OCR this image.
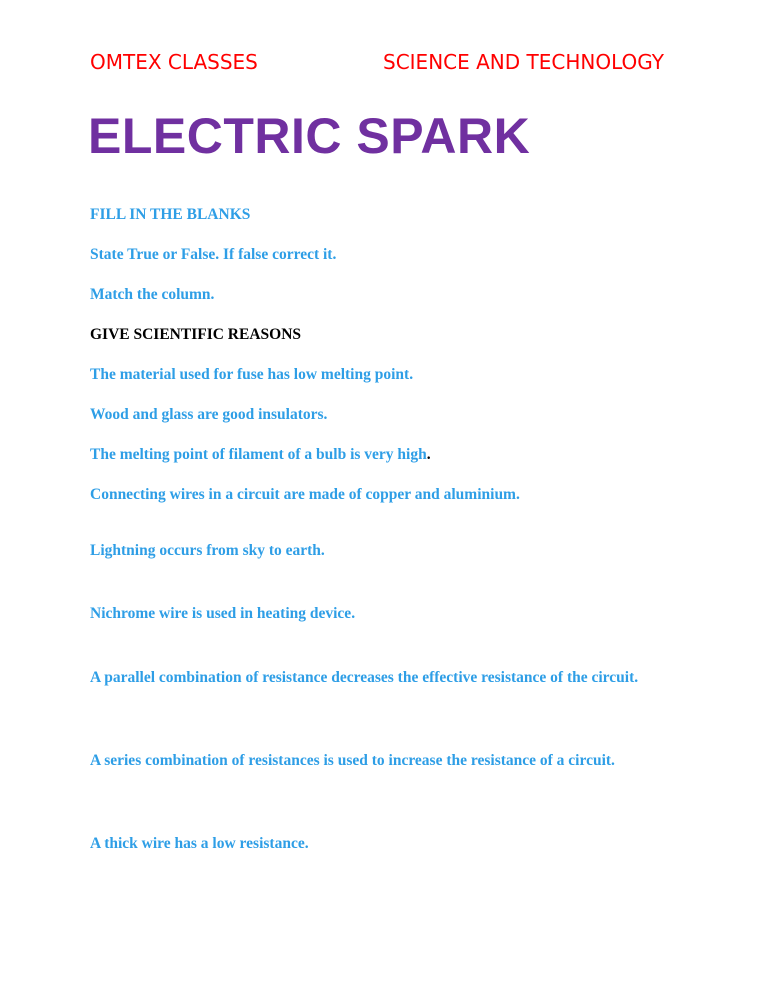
OMTEX CLASSES	SCIENCE AND TECHNOLOGY
ELECTRIC SPARK
FILL IN THE BLANKS
State True or False. If false correct it.
Match the column.
GIVE SCIENTIFIC REASONS
The material used for fuse has low melting point.
Wood and glass are good insulators.
The melting point of filament of a bulb is very high.
Connecting wires in a circuit are made of copper and aluminium.
Lightning occurs from sky to earth.
Nichrome wire is used in heating device.
A parallel combination of resistance decreases the effective resistance of the circuit.
A series combination of resistances is used to increase the resistance of a circuit.
A thick wire has a low resistance.
